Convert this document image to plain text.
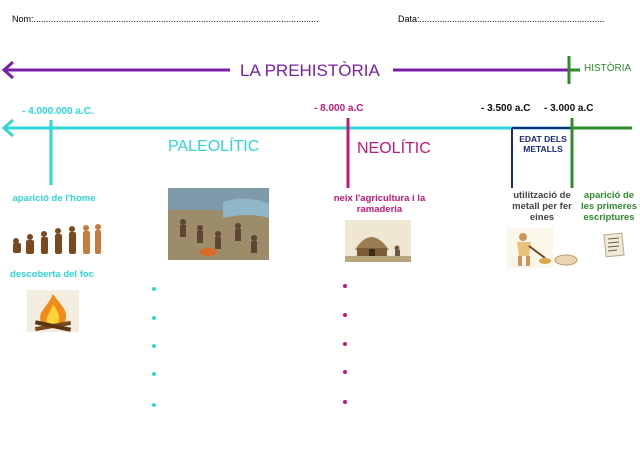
Nom:..................................................................................................................	Data:..........................................................................
LA PREHISTÒRIA	HISTÒRIA
- 4.000.000 a.C.	- 8.000 a.C	- 3.500 a.C - 3.000 a.C
PALEOLÍTIC	NEOLÍTIC
EDAT DELS METALLS
aparició de l'home
descoberta del foc
neix l'agricultura i la ramaderia
utilització de metall per fer eines
aparició de les primeres escriptures
